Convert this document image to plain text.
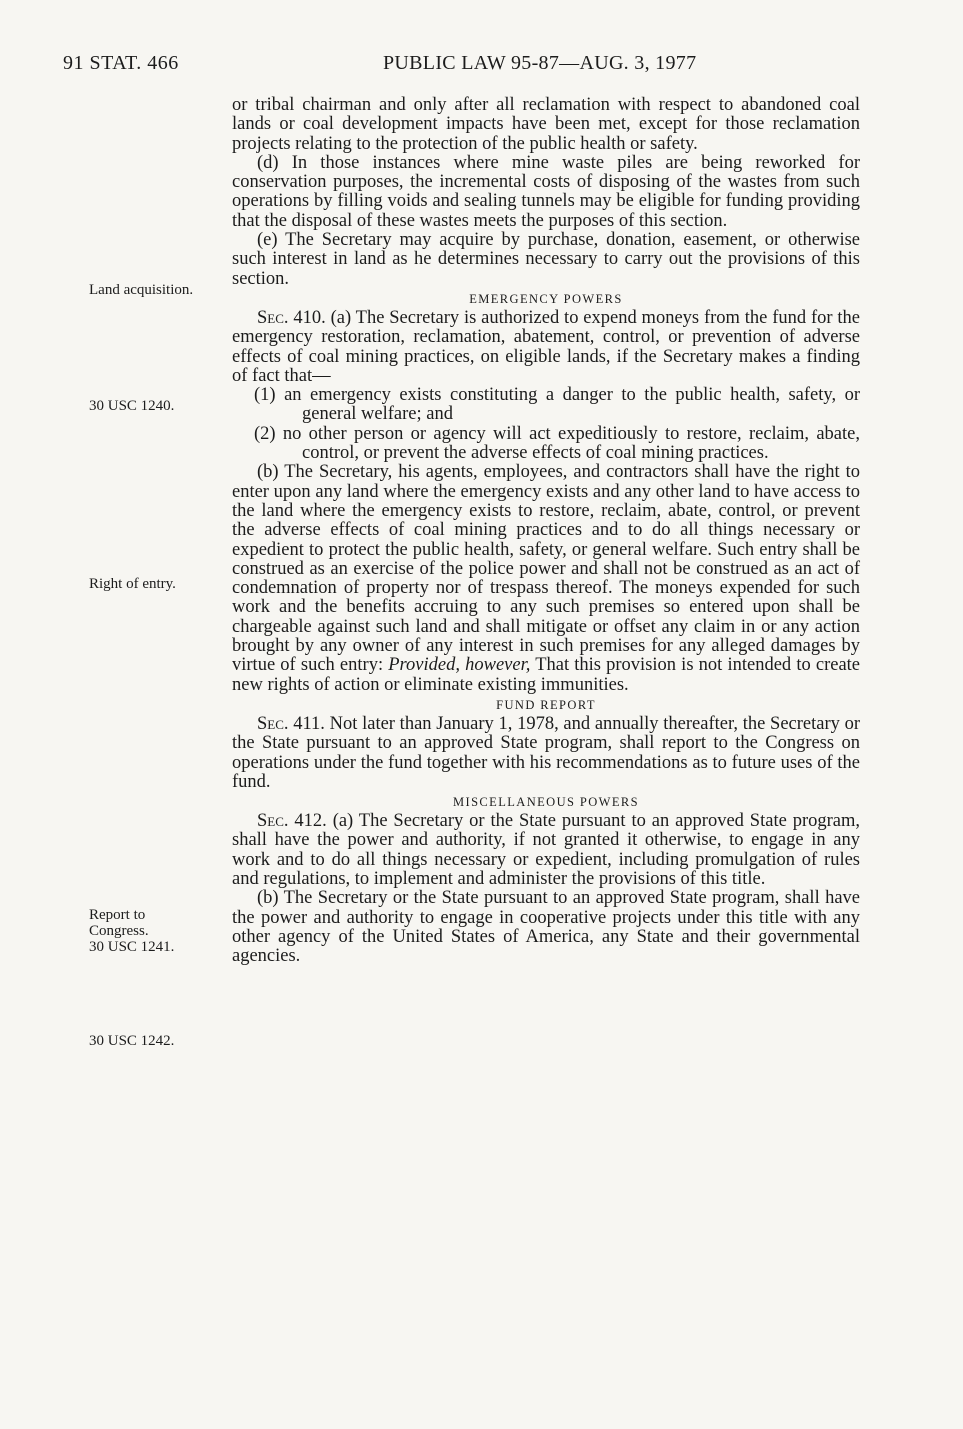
91 STAT. 466	PUBLIC LAW 95-87—AUG. 3, 1977
Land acquisition.
30 USC 1240.
Right of entry.
Report to
Congress.
30 USC 1241.
30 USC 1242.

or tribal chairman and only after all reclamation with respect to abandoned coal lands or coal development impacts have been met, except for those reclamation projects relating to the protection of the public health or safety.

(d) In those instances where mine waste piles are being reworked for conservation purposes, the incremental costs of disposing of the wastes from such operations by filling voids and sealing tunnels may be eligible for funding providing that the disposal of these wastes meets the purposes of this section.

(e) The Secretary may acquire by purchase, donation, easement, or otherwise such interest in land as he determines necessary to carry out the provisions of this section.

EMERGENCY POWERS

Sec. 410. (a) The Secretary is authorized to expend moneys from the fund for the emergency restoration, reclamation, abatement, control, or prevention of adverse effects of coal mining practices, on eligible lands, if the Secretary makes a finding of fact that—

(1) an emergency exists constituting a danger to the public health, safety, or general welfare; and

(2) no other person or agency will act expeditiously to restore, reclaim, abate, control, or prevent the adverse effects of coal mining practices.

(b) The Secretary, his agents, employees, and contractors shall have the right to enter upon any land where the emergency exists and any other land to have access to the land where the emergency exists to restore, reclaim, abate, control, or prevent the adverse effects of coal mining practices and to do all things necessary or expedient to protect the public health, safety, or general welfare. Such entry shall be construed as an exercise of the police power and shall not be construed as an act of condemnation of property nor of trespass thereof. The moneys expended for such work and the benefits accruing to any such premises so entered upon shall be chargeable against such land and shall mitigate or offset any claim in or any action brought by any owner of any interest in such premises for any alleged damages by virtue of such entry: Provided, however, That this provision is not intended to create new rights of action or eliminate existing immunities.

FUND REPORT

Sec. 411. Not later than January 1, 1978, and annually thereafter, the Secretary or the State pursuant to an approved State program, shall report to the Congress on operations under the fund together with his recommendations as to future uses of the fund.

MISCELLANEOUS POWERS

Sec. 412. (a) The Secretary or the State pursuant to an approved State program, shall have the power and authority, if not granted it otherwise, to engage in any work and to do all things necessary or expedient, including promulgation of rules and regulations, to implement and administer the provisions of this title.

(b) The Secretary or the State pursuant to an approved State program, shall have the power and authority to engage in cooperative projects under this title with any other agency of the United States of America, any State and their governmental agencies.
